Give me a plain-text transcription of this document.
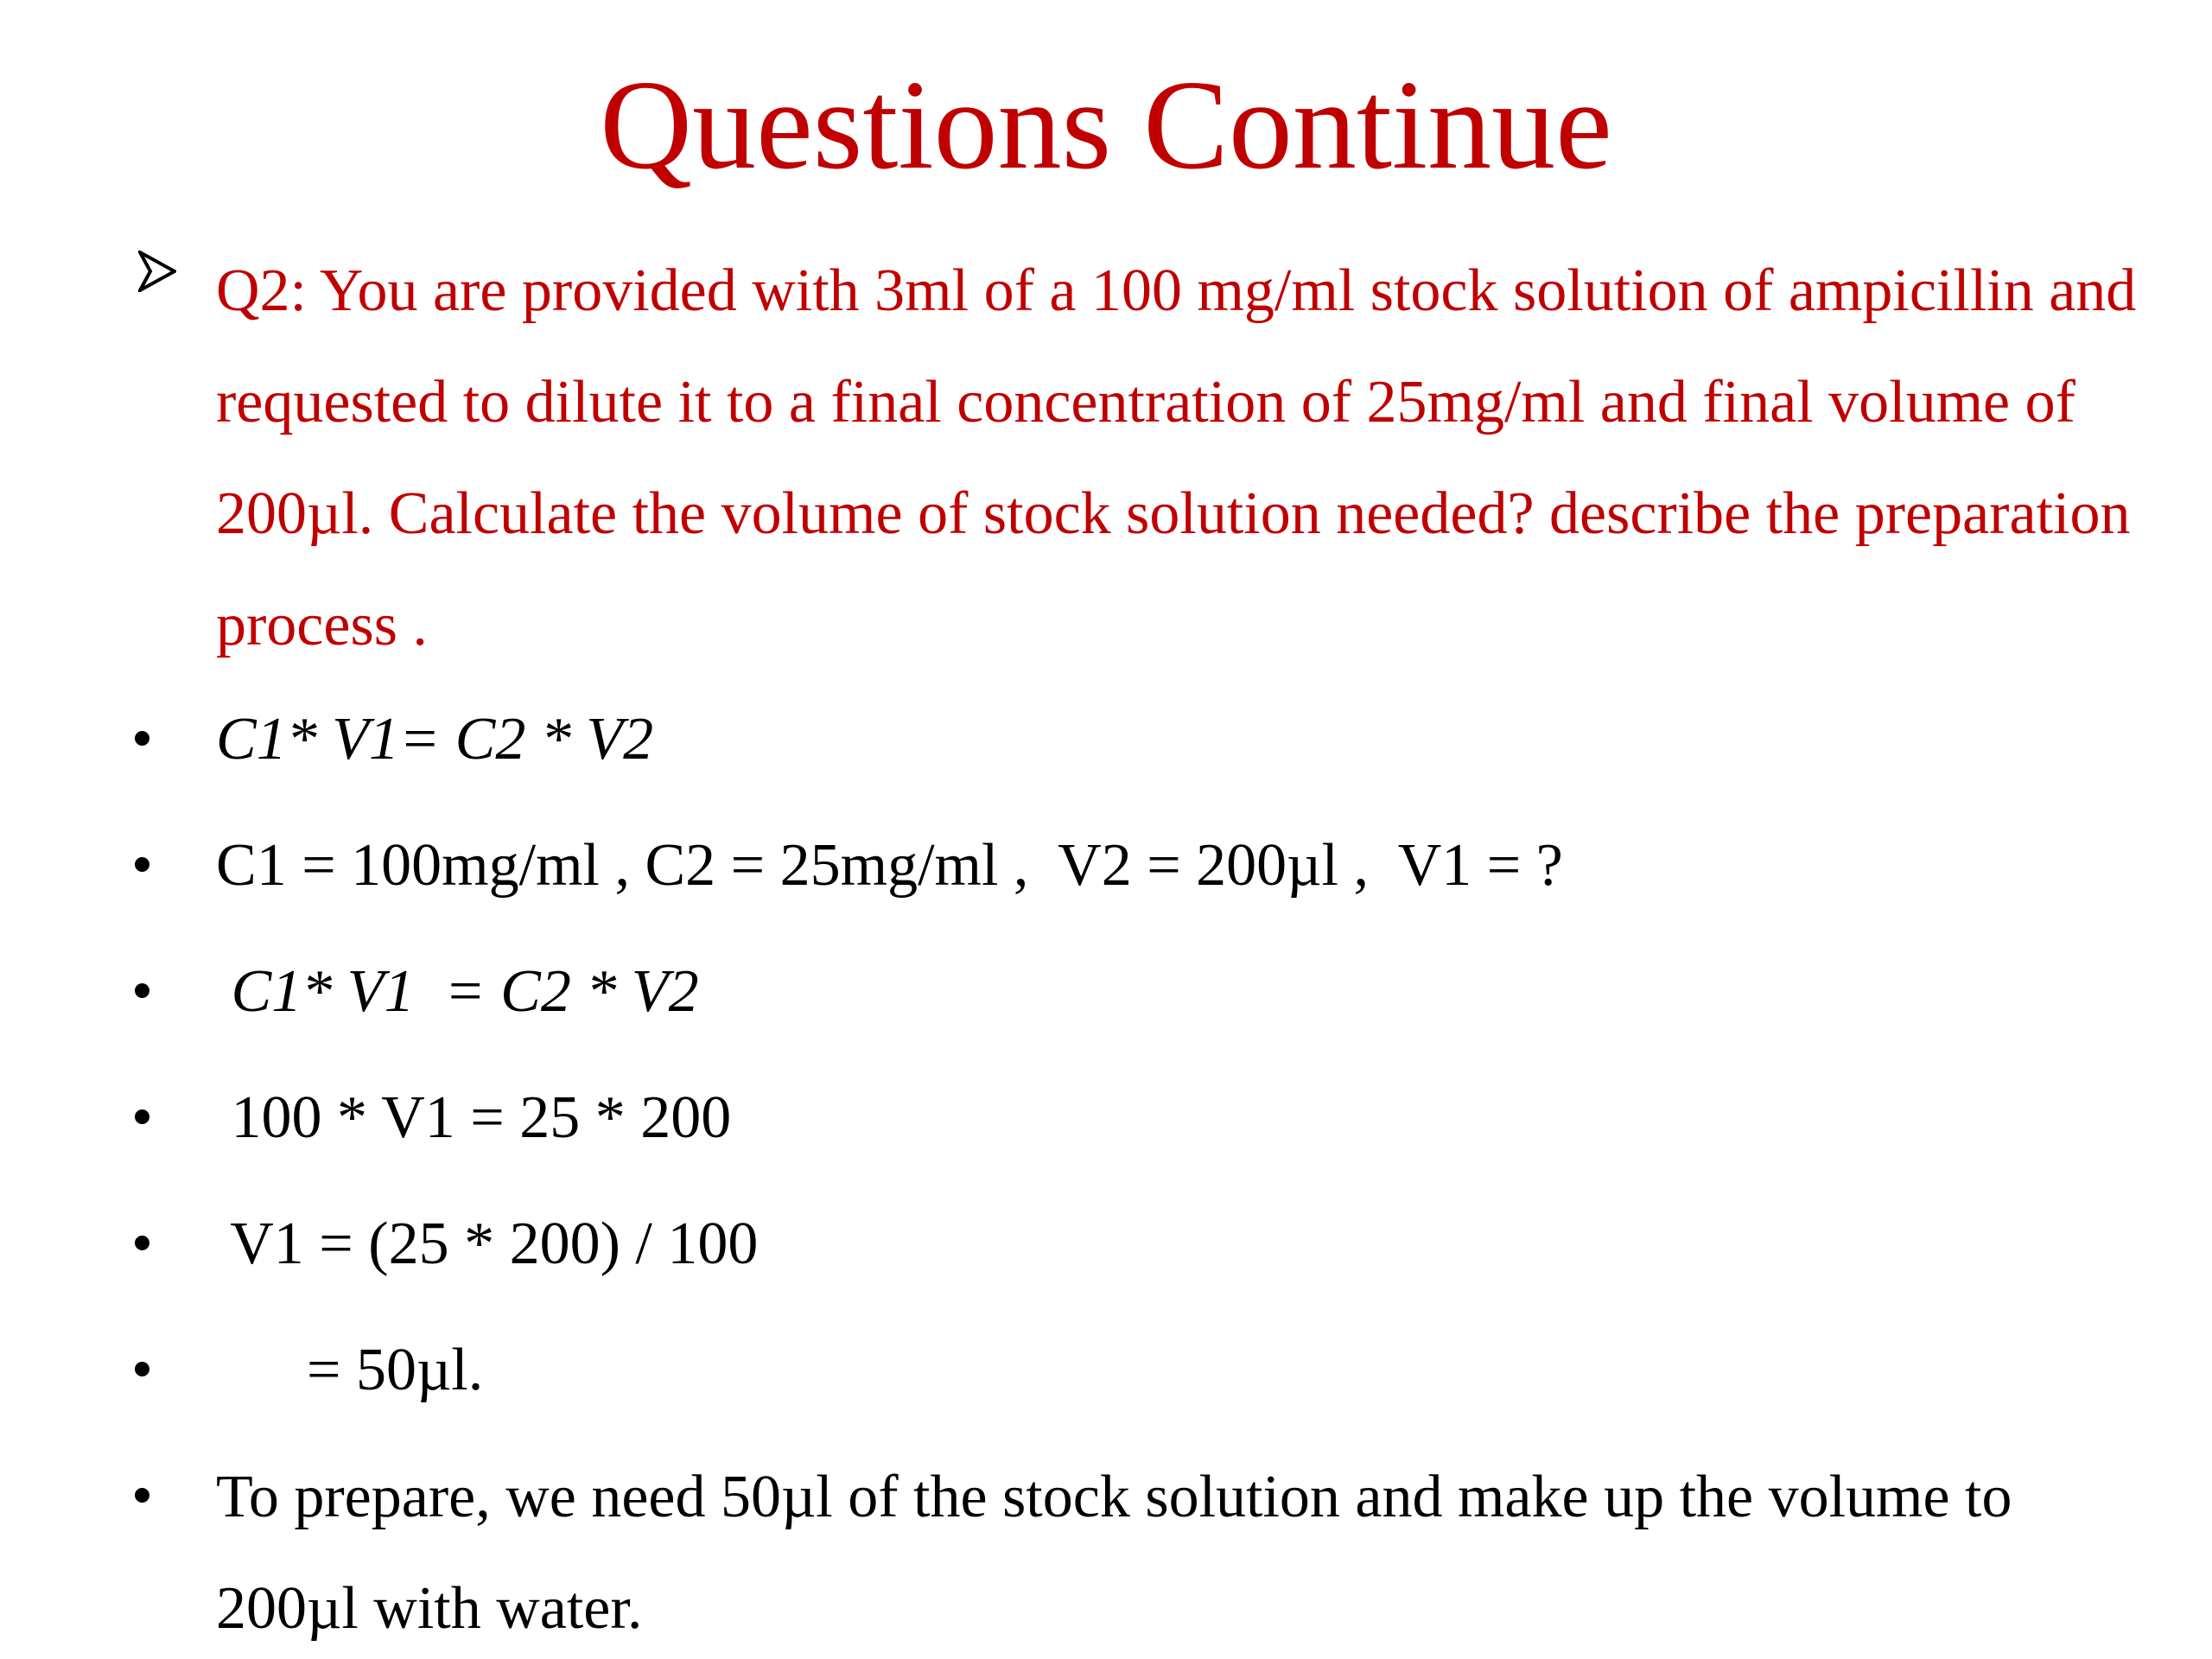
Questions Continue
Q2: You are provided with 3ml of a 100 mg/ml stock solution of ampicillin and requested to dilute it to a final concentration of 25mg/ml and final volume of 200µl. Calculate the volume of stock solution needed? describe the preparation process .
C1* V1= C2 * V2
C1 = 100mg/ml , C2 = 25mg/ml ,  V2 = 200µl ,  V1 = ?
C1* V1  = C2 * V2
100 * V1 = 25 * 200
V1 = (25 * 200) / 100
= 50µl.
To prepare, we need 50µl of the stock solution and make up the volume to 200µl with water.
